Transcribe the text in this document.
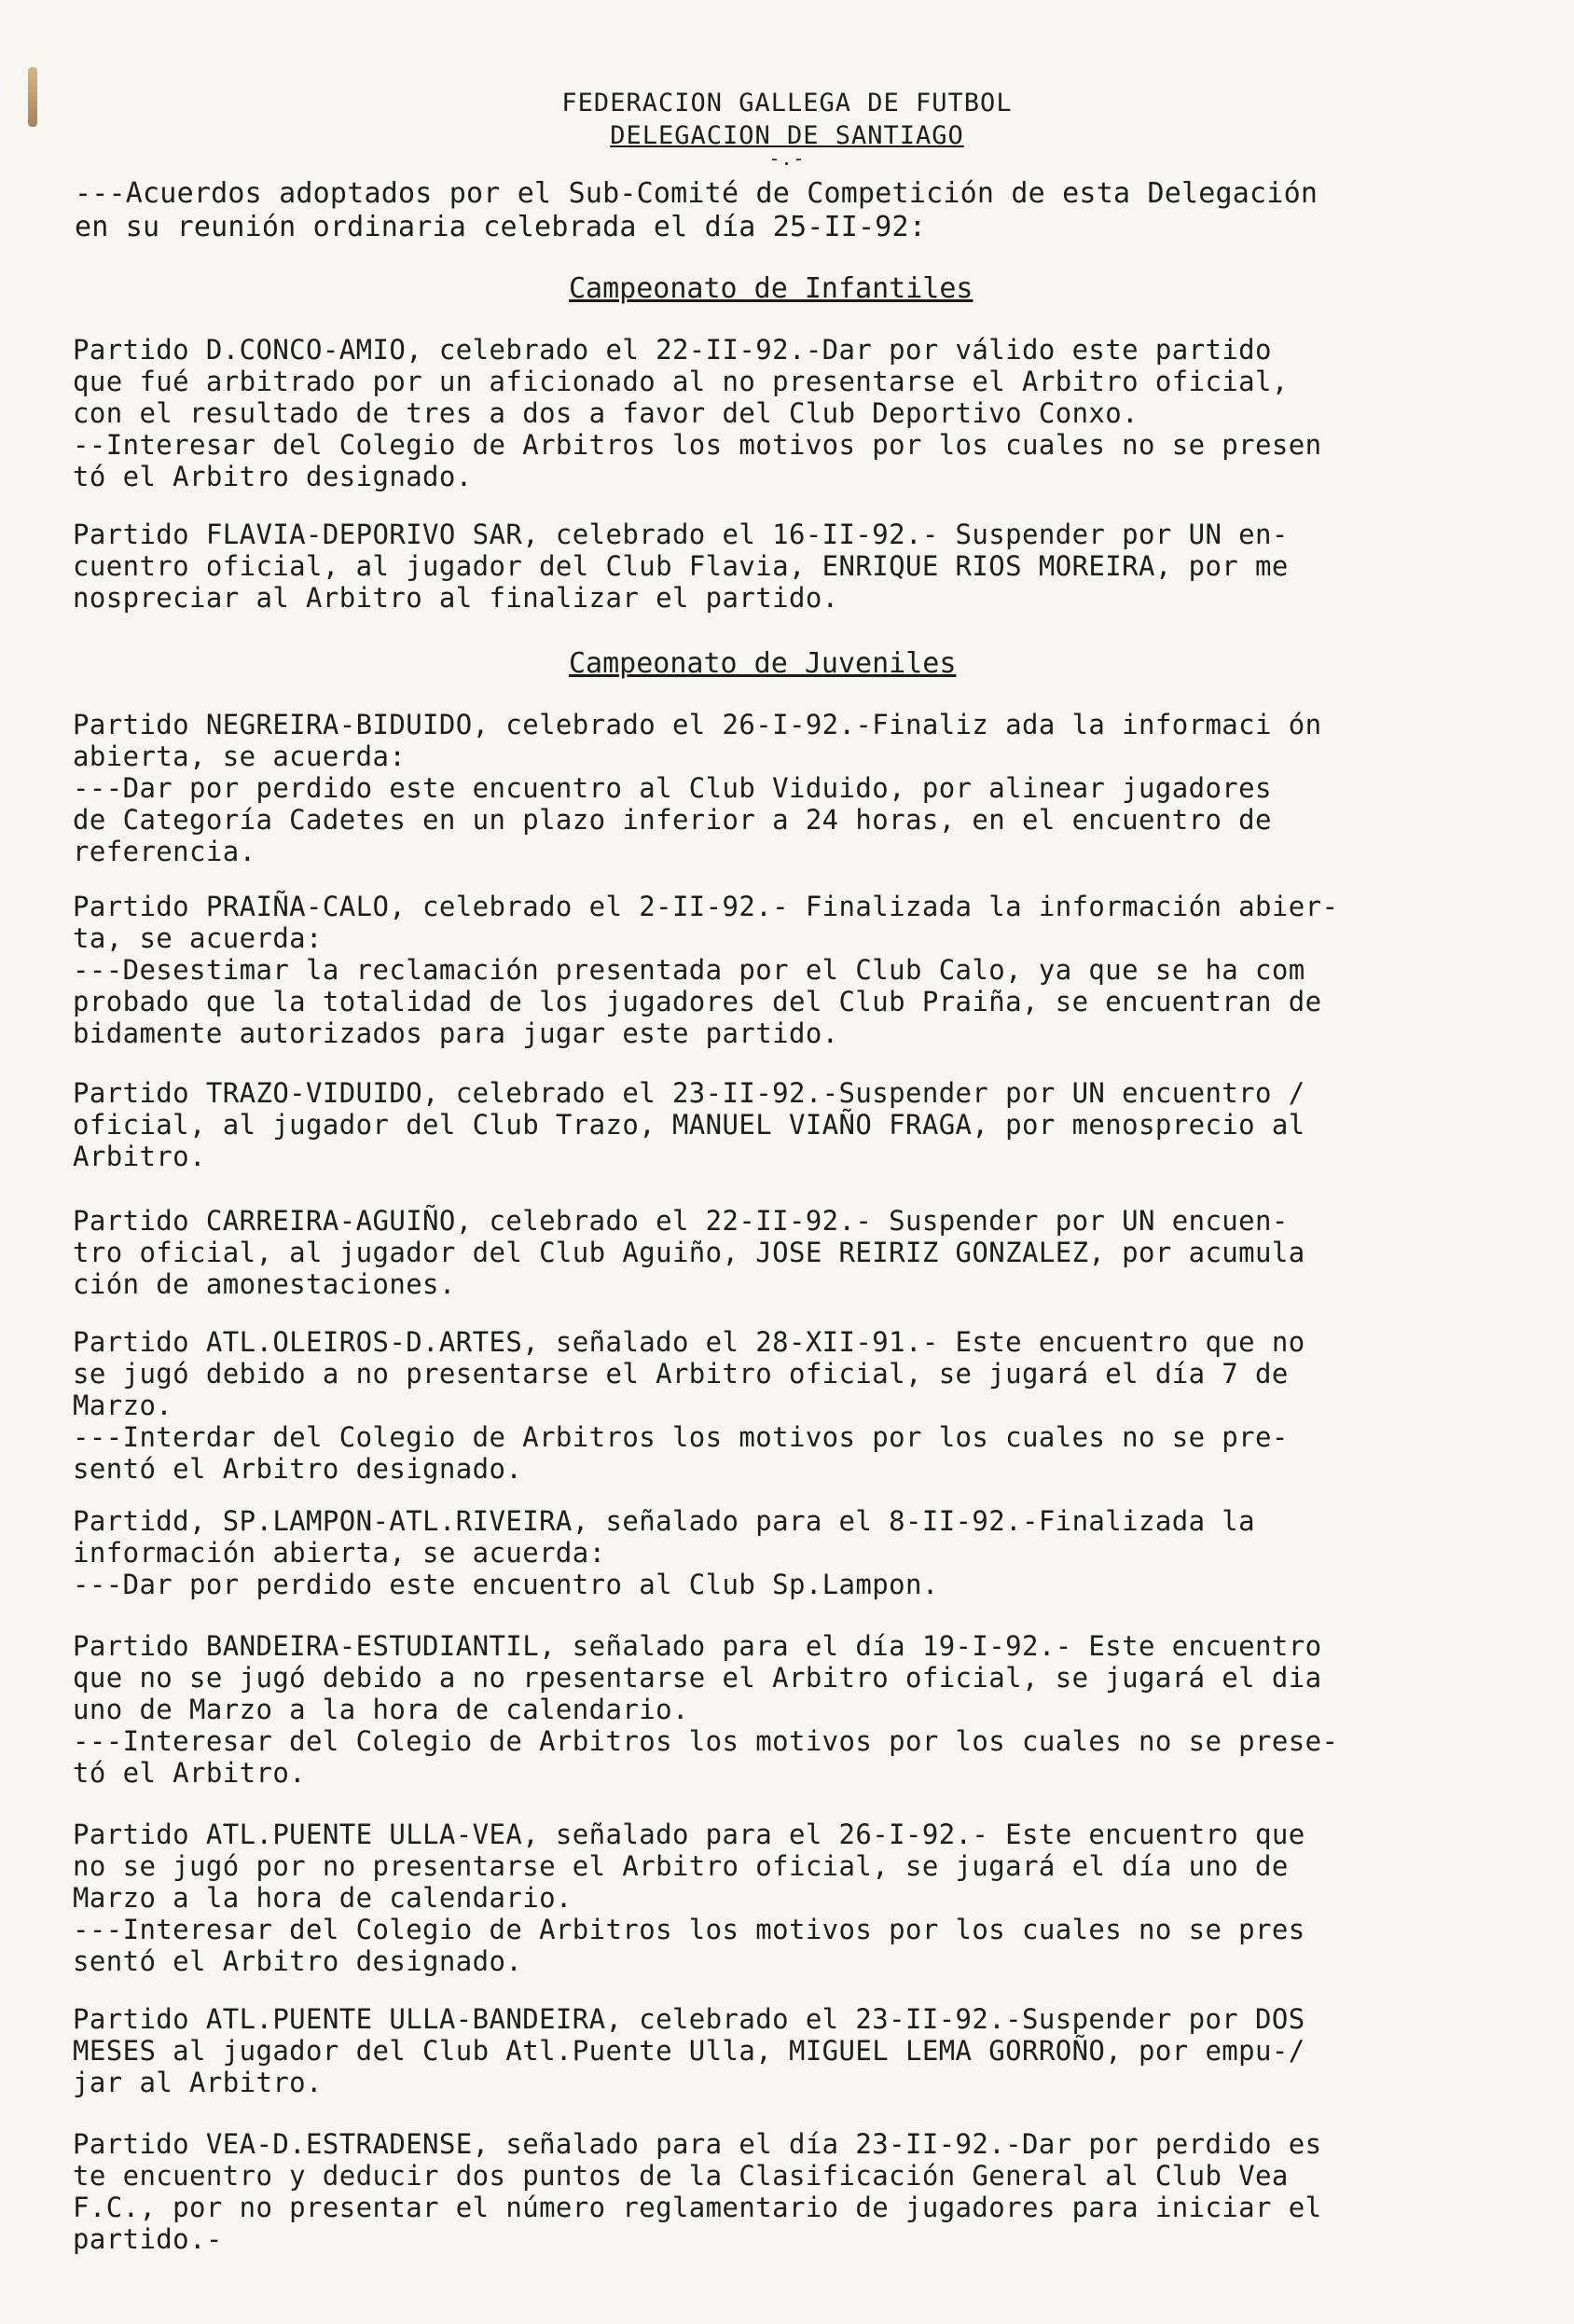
FEDERACION GALLEGA DE FUTBOL
DELEGACION DE SANTIAGO
-.-
---Acuerdos adoptados por el Sub-Comité de Competición de esta Delegación
en su reunión ordinaria celebrada el día 25-II-92:
Campeonato de Infantiles
Partido D.CONCO-AMIO, celebrado el 22-II-92.-Dar por válido este partido
que fué arbitrado por un aficionado al no presentarse el Arbitro oficial,
con el resultado de tres a dos a favor del Club Deportivo Conxo.
--Interesar del Colegio de Arbitros los motivos por los cuales no se presen
tó el Arbitro designado.
Partido FLAVIA-DEPORIVO SAR, celebrado el 16-II-92.- Suspender por UN en-
cuentro oficial, al jugador del Club Flavia, ENRIQUE RIOS MOREIRA, por me
nospreciar al Arbitro al finalizar el partido.
Campeonato de Juveniles
Partido NEGREIRA-BIDUIDO, celebrado el 26-I-92.-Finaliz ada la informaci ón
abierta, se acuerda:
---Dar por perdido este encuentro al Club Viduido, por alinear jugadores
de Categoría Cadetes en un plazo inferior a 24 horas, en el encuentro de
referencia.
Partido PRAIÑA-CALO, celebrado el 2-II-92.- Finalizada la información abier-
ta, se acuerda:
---Desestimar la reclamación presentada por el Club Calo, ya que se ha com
probado que la totalidad de los jugadores del Club Praiña, se encuentran de
bidamente autorizados para jugar este partido.
Partido TRAZO-VIDUIDO, celebrado el 23-II-92.-Suspender por UN encuentro /
oficial, al jugador del Club Trazo, MANUEL VIAÑO FRAGA, por menosprecio al
Arbitro.
Partido CARREIRA-AGUIÑO, celebrado el 22-II-92.- Suspender por UN encuen-
tro oficial, al jugador del Club Aguiño, JOSE REIRIZ GONZALEZ, por acumula
ción de amonestaciones.
Partido ATL.OLEIROS-D.ARTES, señalado el 28-XII-91.- Este encuentro que no
se jugó debido a no presentarse el Arbitro oficial, se jugará el día 7 de
Marzo.
---Interdar del Colegio de Arbitros los motivos por los cuales no se pre-
sentó el Arbitro designado.
Partidd, SP.LAMPON-ATL.RIVEIRA, señalado para el 8-II-92.-Finalizada la
información abierta, se acuerda:
---Dar por perdido este encuentro al Club Sp.Lampon.
Partido BANDEIRA-ESTUDIANTIL, señalado para el día 19-I-92.- Este encuentro
que no se jugó debido a no rpesentarse el Arbitro oficial, se jugará el dia
uno de Marzo a la hora de calendario.
---Interesar del Colegio de Arbitros los motivos por los cuales no se prese-
tó el Arbitro.
Partido ATL.PUENTE ULLA-VEA, señalado para el 26-I-92.- Este encuentro que
no se jugó por no presentarse el Arbitro oficial, se jugará el día uno de
Marzo a la hora de calendario.
---Interesar del Colegio de Arbitros los motivos por los cuales no se pres
sentó el Arbitro designado.
Partido ATL.PUENTE ULLA-BANDEIRA, celebrado el 23-II-92.-Suspender por DOS
MESES al jugador del Club Atl.Puente Ulla, MIGUEL LEMA GORROÑO, por empu-/
jar al Arbitro.
Partido VEA-D.ESTRADENSE, señalado para el día 23-II-92.-Dar por perdido es
te encuentro y deducir dos puntos de la Clasificación General al Club Vea
F.C., por no presentar el número reglamentario de jugadores para iniciar el
partido.-
